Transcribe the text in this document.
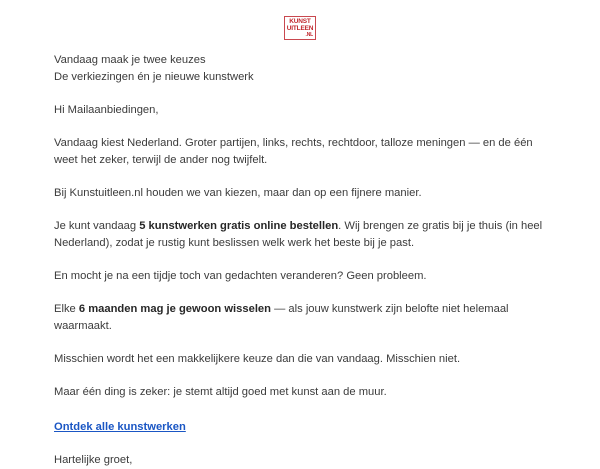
KUNST
UITLEEN
.NL

Vandaag maak je twee keuzes
De verkiezingen én je nieuwe kunstwerk

Hi Mailaanbiedingen,

Vandaag kiest Nederland. Groter partijen, links, rechts, rechtdoor, talloze meningen — en de één weet het zeker, terwijl de ander nog twijfelt.

Bij Kunstuitleen.nl houden we van kiezen, maar dan op een fijnere manier.

Je kunt vandaag 5 kunstwerken gratis online bestellen. Wij brengen ze gratis bij je thuis (in heel Nederland), zodat je rustig kunt beslissen welk werk het beste bij je past.

En mocht je na een tijdje toch van gedachten veranderen? Geen probleem.

Elke 6 maanden mag je gewoon wisselen — als jouw kunstwerk zijn belofte niet helemaal waarmaakt.

Misschien wordt het een makkelijkere keuze dan die van vandaag. Misschien niet.

Maar één ding is zeker: je stemt altijd goed met kunst aan de muur.

Ontdek alle kunstwerken

Hartelijke groet,
